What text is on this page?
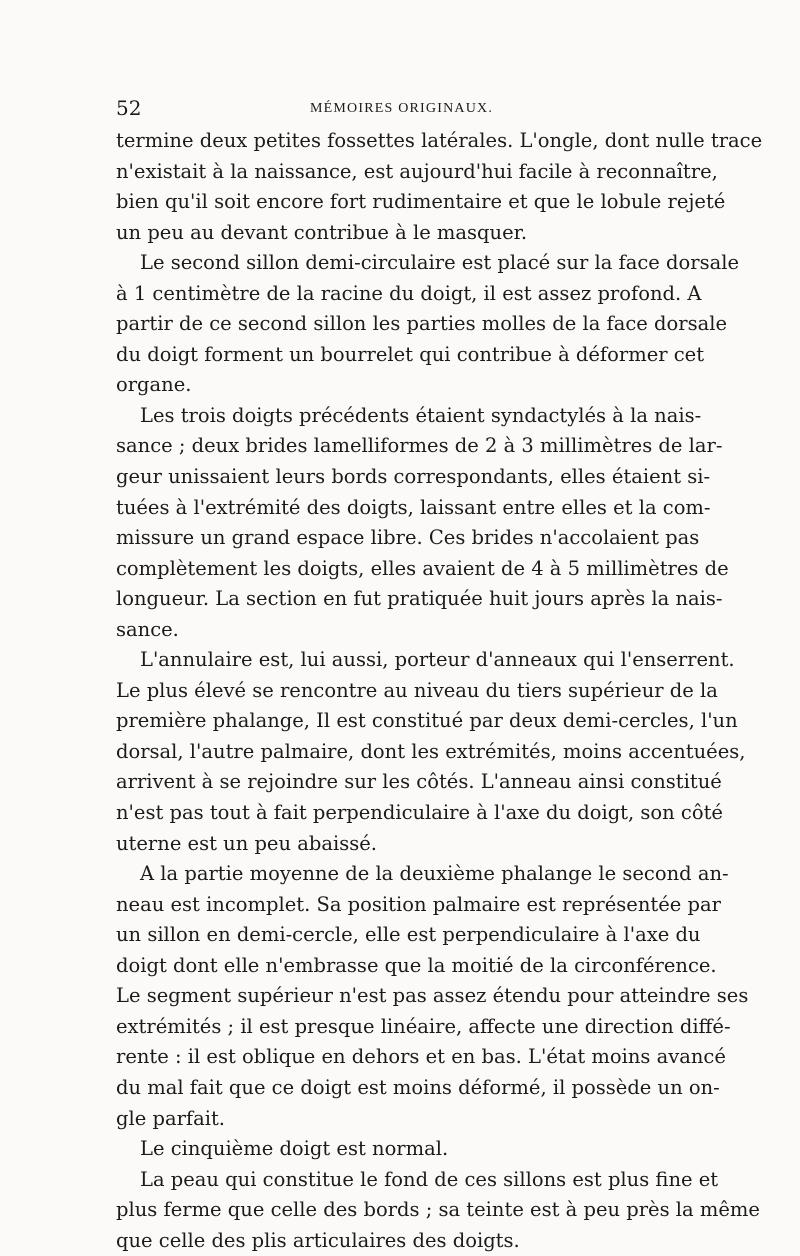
52	MÉMOIRES ORIGINAUX.
termine deux petites fossettes latérales. L'ongle, dont nulle trace
n'existait à la naissance, est aujourd'hui facile à reconnaître,
bien qu'il soit encore fort rudimentaire et que le lobule rejeté
un peu au devant contribue à le masquer.
Le second sillon demi-circulaire est placé sur la face dorsale
à 1 centimètre de la racine du doigt, il est assez profond. A
partir de ce second sillon les parties molles de la face dorsale
du doigt forment un bourrelet qui contribue à déformer cet
organe.
Les trois doigts précédents étaient syndactylés à la nais-
sance ; deux brides lamelliformes de 2 à 3 millimètres de lar-
geur unissaient leurs bords correspondants, elles étaient si-
tuées à l'extrémité des doigts, laissant entre elles et la com-
missure un grand espace libre. Ces brides n'accolaient pas
complètement les doigts, elles avaient de 4 à 5 millimètres de
longueur. La section en fut pratiquée huit jours après la nais-
sance.
L'annulaire est, lui aussi, porteur d'anneaux qui l'enserrent.
Le plus élevé se rencontre au niveau du tiers supérieur de la
première phalange, Il est constitué par deux demi-cercles, l'un
dorsal, l'autre palmaire, dont les extrémités, moins accentuées,
arrivent à se rejoindre sur les côtés. L'anneau ainsi constitué
n'est pas tout à fait perpendiculaire à l'axe du doigt, son côté
uterne est un peu abaissé.
A la partie moyenne de la deuxième phalange le second an-
neau est incomplet. Sa position palmaire est représentée par
un sillon en demi-cercle, elle est perpendiculaire à l'axe du
doigt dont elle n'embrasse que la moitié de la circonférence.
Le segment supérieur n'est pas assez étendu pour atteindre ses
extrémités ; il est presque linéaire, affecte une direction diffé-
rente : il est oblique en dehors et en bas. L'état moins avancé
du mal fait que ce doigt est moins déformé, il possède un on-
gle parfait.
Le cinquième doigt est normal.
La peau qui constitue le fond de ces sillons est plus fine et
plus ferme que celle des bords ; sa teinte est à peu près la même
que celle des plis articulaires des doigts.
